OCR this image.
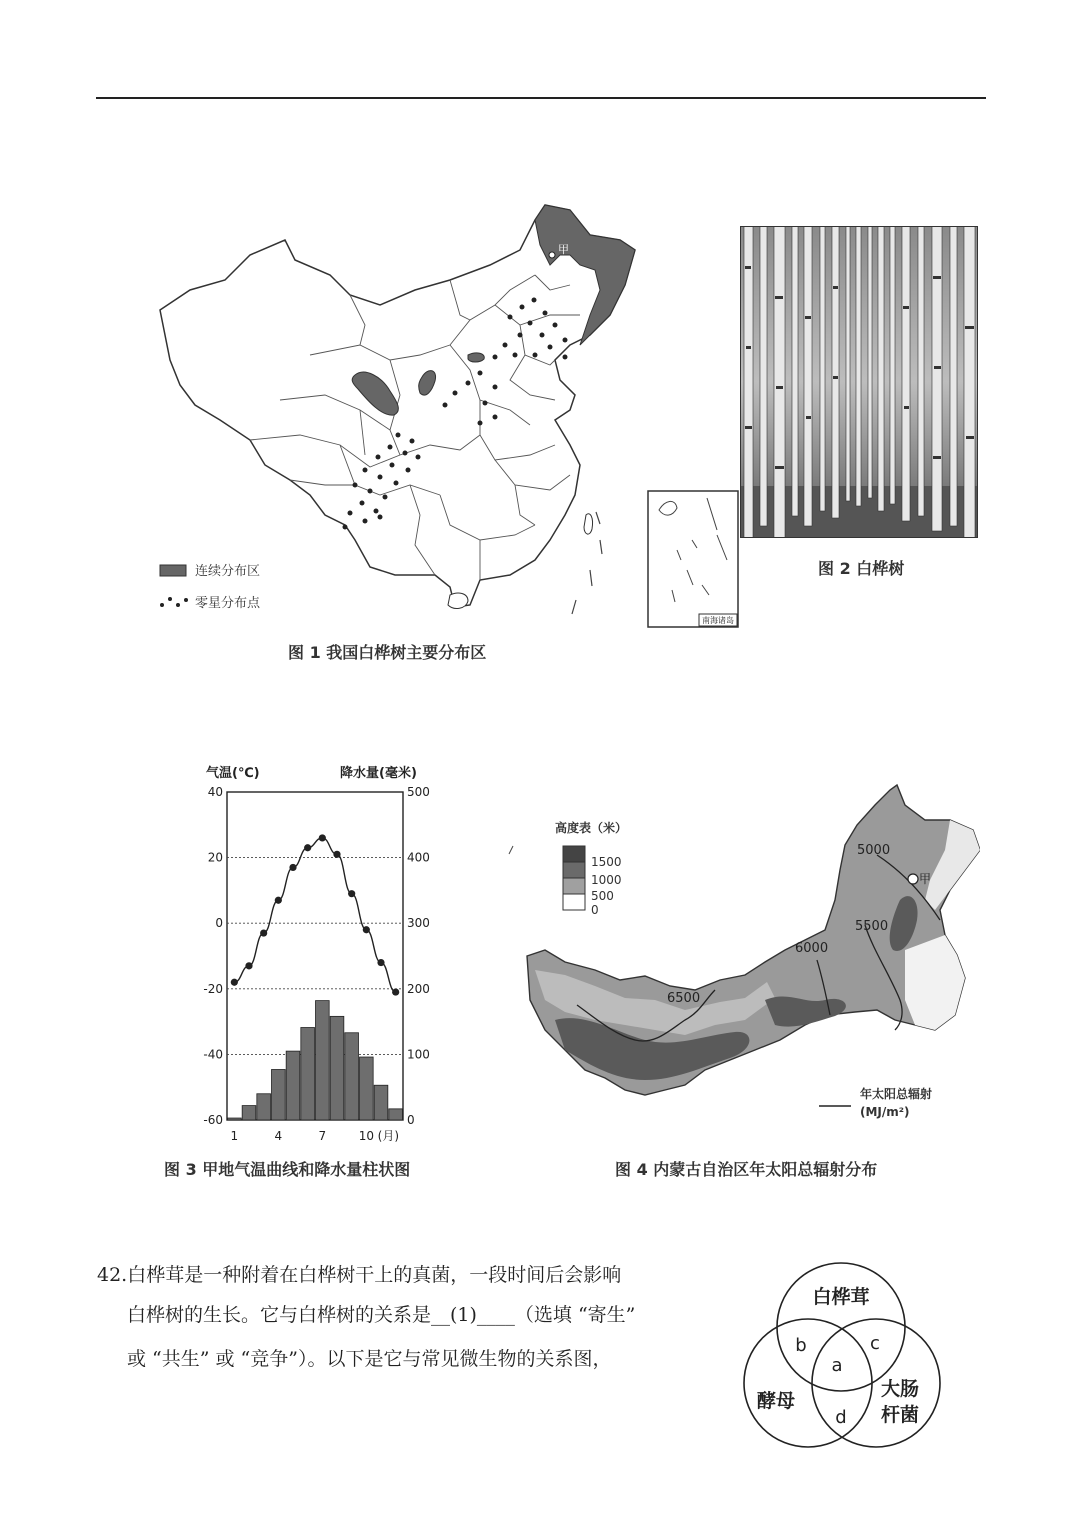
甲
连续分布区
零星分布点
南海诸岛
图 1 我国白桦树主要分布区
图 2 白桦树
气温(℃)	降水量(毫米)
40
20
0
-20
-40
-60
500
400
300
200
100
0
1	4	7	10 (月)
图 3 甲地气温曲线和降水量柱状图
5000
5500
6000
6500
甲
高度表（米）
1500
1000
500
0
年太阳总辐射
(MJ/m²)
图 4 内蒙古自治区年太阳总辐射分布
42.白桦茸是一种附着在白桦树干上的真菌，一段时间后会影响
白桦树的生长。它与白桦树的关系是__(1)____（选填 “寄生”
或 “共生” 或 “竞争”）。以下是它与常见微生物的关系图，
白桦茸
酵母
大肠
杆菌
a
b	c
d
